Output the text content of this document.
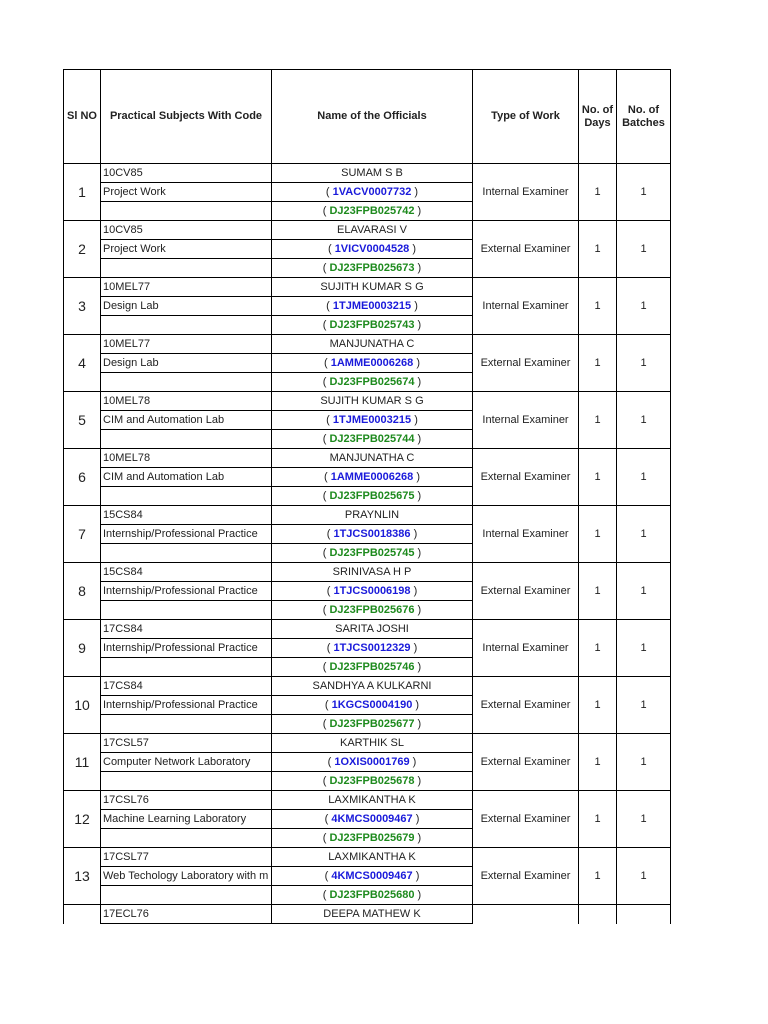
Sl NO	Practical Subjects With Code	Name of the Officials	Type of Work	No. of Days	No. of Batches
1	10CV85	SUMAM S B	Internal Examiner	1	1
	Project Work	( 1VACV0007732 )			
		( DJ23FPB025742 )			
2	10CV85	ELAVARASI V	External Examiner	1	1
	Project Work	( 1VICV0004528 )			
		( DJ23FPB025673 )			
3	10MEL77	SUJITH KUMAR S G	Internal Examiner	1	1
	Design Lab	( 1TJME0003215 )			
		( DJ23FPB025743 )			
4	10MEL77	MANJUNATHA C	External Examiner	1	1
	Design Lab	( 1AMME0006268 )			
		( DJ23FPB025674 )			
5	10MEL78	SUJITH KUMAR S G	Internal Examiner	1	1
	CIM and Automation Lab	( 1TJME0003215 )			
		( DJ23FPB025744 )			
6	10MEL78	MANJUNATHA C	External Examiner	1	1
	CIM and Automation Lab	( 1AMME0006268 )			
		( DJ23FPB025675 )			
7	15CS84	PRAYNLIN	Internal Examiner	1	1
	Internship/Professional Practice	( 1TJCS0018386 )			
		( DJ23FPB025745 )			
8	15CS84	SRINIVASA H P	External Examiner	1	1
	Internship/Professional Practice	( 1TJCS0006198 )			
		( DJ23FPB025676 )			
9	17CS84	SARITA JOSHI	Internal Examiner	1	1
	Internship/Professional Practice	( 1TJCS0012329 )			
		( DJ23FPB025746 )			
10	17CS84	SANDHYA A KULKARNI	External Examiner	1	1
	Internship/Professional Practice	( 1KGCS0004190 )			
		( DJ23FPB025677 )			
11	17CSL57	KARTHIK SL	External Examiner	1	1
	Computer Network Laboratory	( 1OXIS0001769 )			
		( DJ23FPB025678 )			
12	17CSL76	LAXMIKANTHA K	External Examiner	1	1
	Machine Learning Laboratory	( 4KMCS0009467 )			
		( DJ23FPB025679 )			
13	17CSL77	LAXMIKANTHA K	External Examiner	1	1
	Web Techology Laboratory with m	( 4KMCS0009467 )			
		( DJ23FPB025680 )			
	17ECL76	DEEPA MATHEW K			
